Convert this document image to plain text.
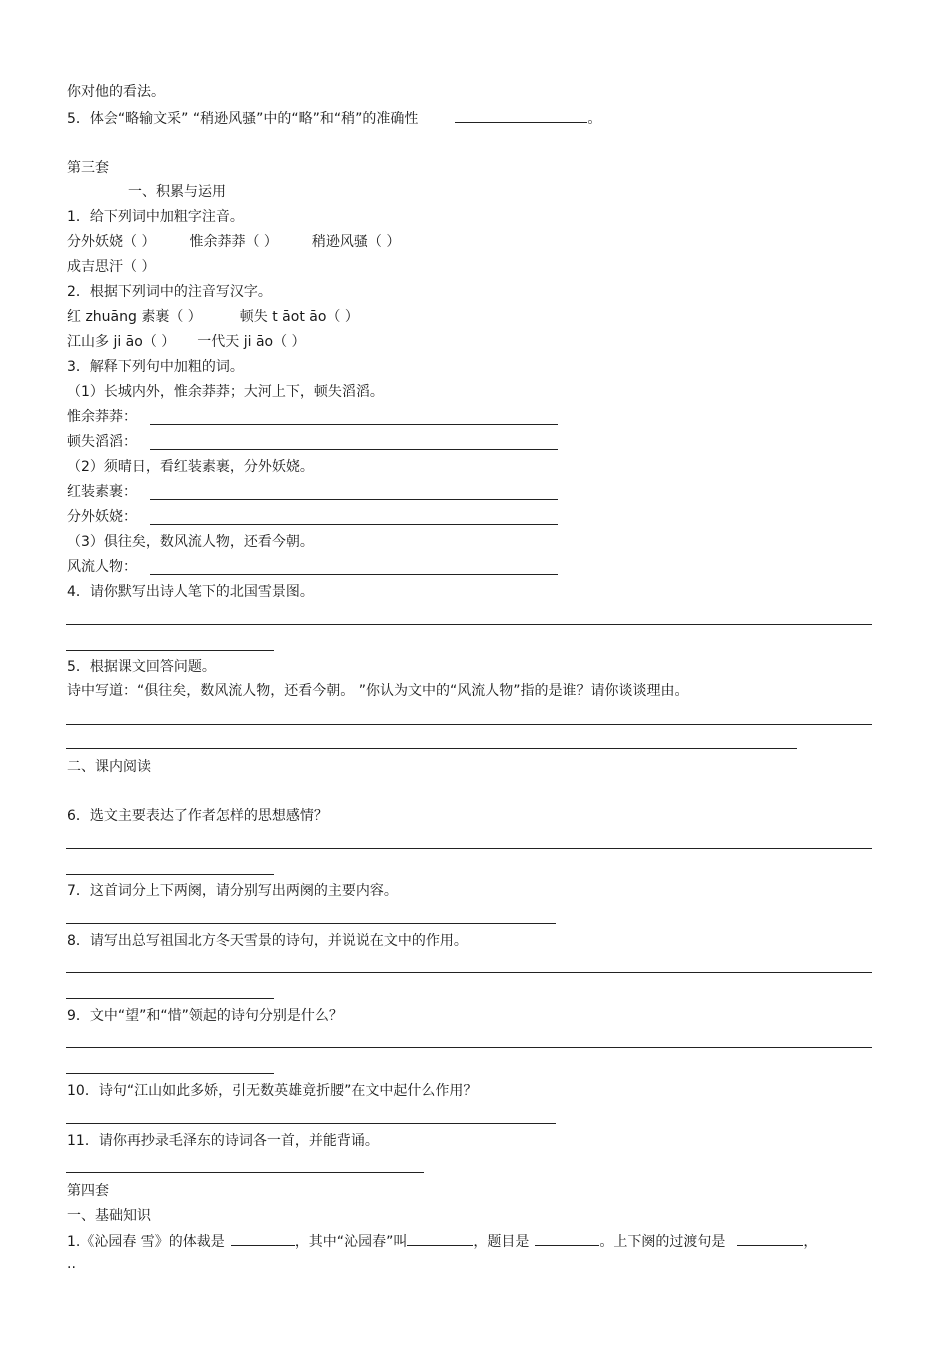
你对他的看法。
5．体会“略输文采” “稍逊风骚”中的“略”和“稍”的准确性	。
第三套
一、积累与运用
1．给下列词中加粗字注音。
分外妖娆（ ） 惟余莽莽（ ） 稍逊风骚（ ）
成吉思汗（ ）
2．根据下列词中的注音写汉字。
红 zhuāng 素裹（ ）	顿失 t āot āo（ ）
江山多 ji āo（ ） 一代天 ji āo（ ）
3．解释下列句中加粗的词。
（1）长城内外，惟余莽莽；大河上下，顿失滔滔。
惟余莽莽：
顿失滔滔：
（2）须晴日，看红装素裹，分外妖娆。
红装素裹：
分外妖娆：
（3）俱往矣，数风流人物，还看今朝。
风流人物：
4．请你默写出诗人笔下的北国雪景图。
5．根据课文回答问题。
诗中写道：“俱往矣，数风流人物，还看今朝。 ”你认为文中的“风流人物”指的是谁？请你谈谈理由。
二、课内阅读
6．选文主要表达了作者怎样的思想感情？
7．这首词分上下两阕，请分别写出两阕的主要内容。
8．请写出总写祖国北方冬天雪景的诗句，并说说在文中的作用。
9．文中“望”和“惜”领起的诗句分别是什么？
10．诗句“江山如此多娇，引无数英雄竟折腰”在文中起什么作用？
11．请你再抄录毛泽东的诗词各一首，并能背诵。
第四套
一、基础知识
1.《沁园春 雪》的体裁是	，其中“沁园春”叫	，题目是	。上下阕的过渡句是	，
..
